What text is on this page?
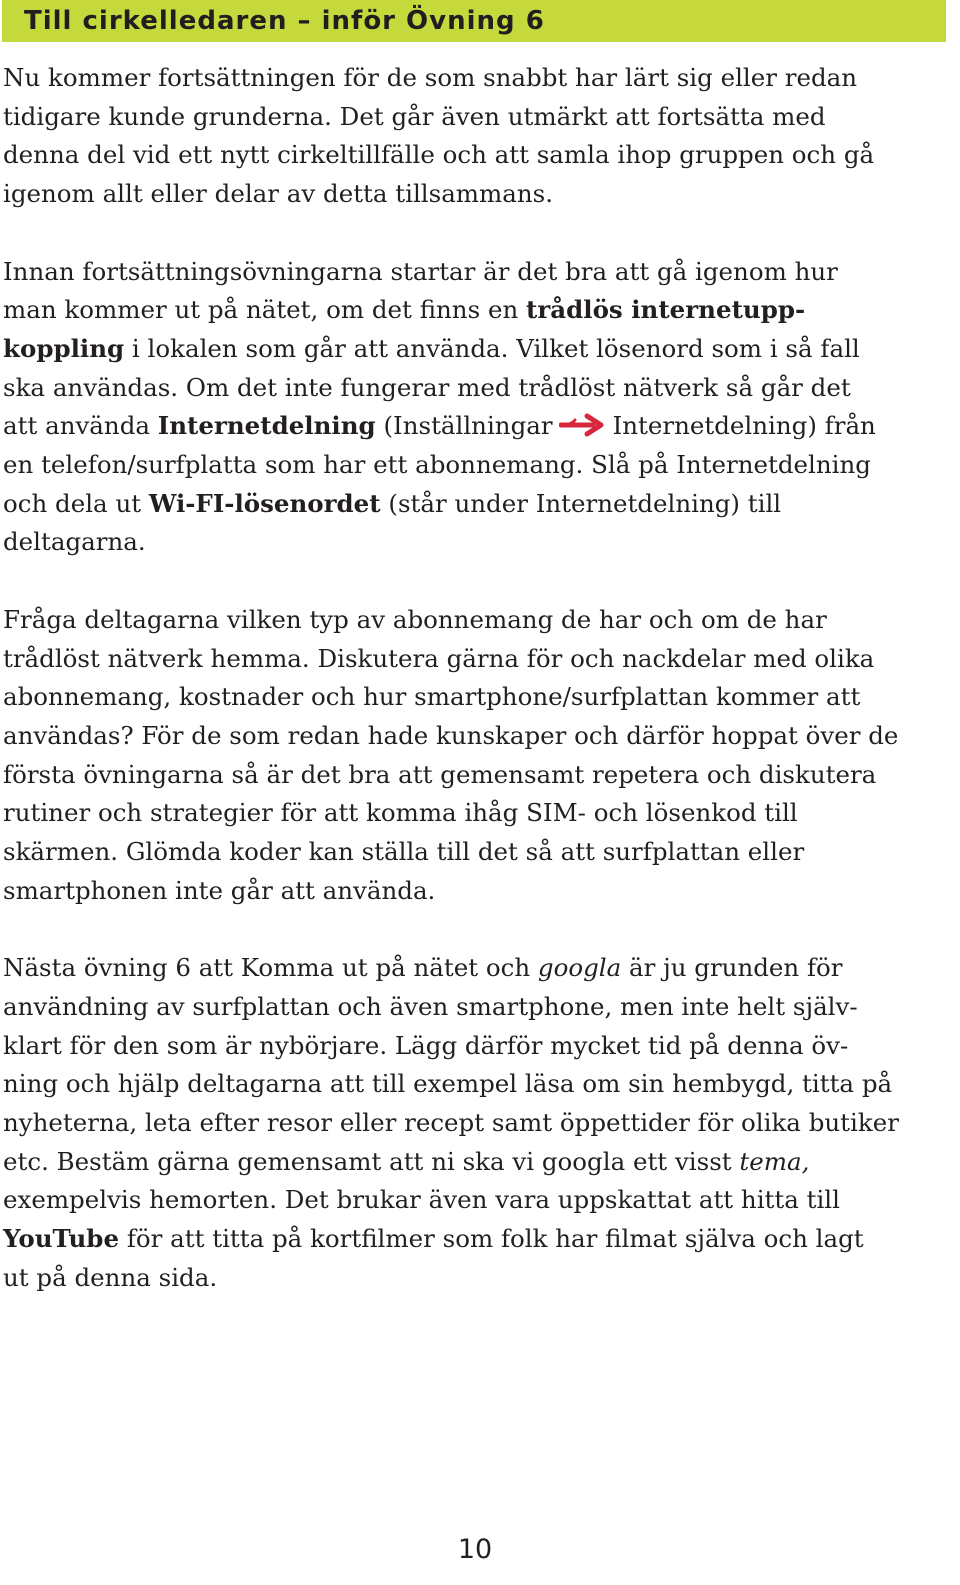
Till cirkelledaren – inför Övning 6

Nu kommer fortsättningen för de som snabbt har lärt sig eller redan
tidigare kunde grunderna. Det går även utmärkt att fortsätta med
denna del vid ett nytt cirkeltillfälle och att samla ihop gruppen och gå
igenom allt eller delar av detta tillsammans.

Innan fortsättningsövningarna startar är det bra att gå igenom hur
man kommer ut på nätet, om det finns en trådlös internetupp-
koppling i lokalen som går att använda. Vilket lösenord som i så fall
ska användas. Om det inte fungerar med trådlöst nätverk så går det
att använda Internetdelning (Inställningar Internetdelning) från
en telefon/surfplatta som har ett abonnemang. Slå på Internetdelning
och dela ut Wi-FI-lösenordet (står under Internetdelning) till
deltagarna.

Fråga deltagarna vilken typ av abonnemang de har och om de har
trådlöst nätverk hemma. Diskutera gärna för och nackdelar med olika
abonnemang, kostnader och hur smartphone/surfplattan kommer att
användas? För de som redan hade kunskaper och därför hoppat över de
första övningarna så är det bra att gemensamt repetera och diskutera
rutiner och strategier för att komma ihåg SIM- och lösenkod till
skärmen. Glömda koder kan ställa till det så att surfplattan eller
smartphonen inte går att använda.

Nästa övning 6 att Komma ut på nätet och googla är ju grunden för
användning av surfplattan och även smartphone, men inte helt själv-
klart för den som är nybörjare. Lägg därför mycket tid på denna öv-
ning och hjälp deltagarna att till exempel läsa om sin hembygd, titta på
nyheterna, leta efter resor eller recept samt öppettider för olika butiker
etc. Bestäm gärna gemensamt att ni ska vi googla ett visst tema,
exempelvis hemorten. Det brukar även vara uppskattat att hitta till
YouTube för att titta på kortfilmer som folk har filmat själva och lagt
ut på denna sida.

10
